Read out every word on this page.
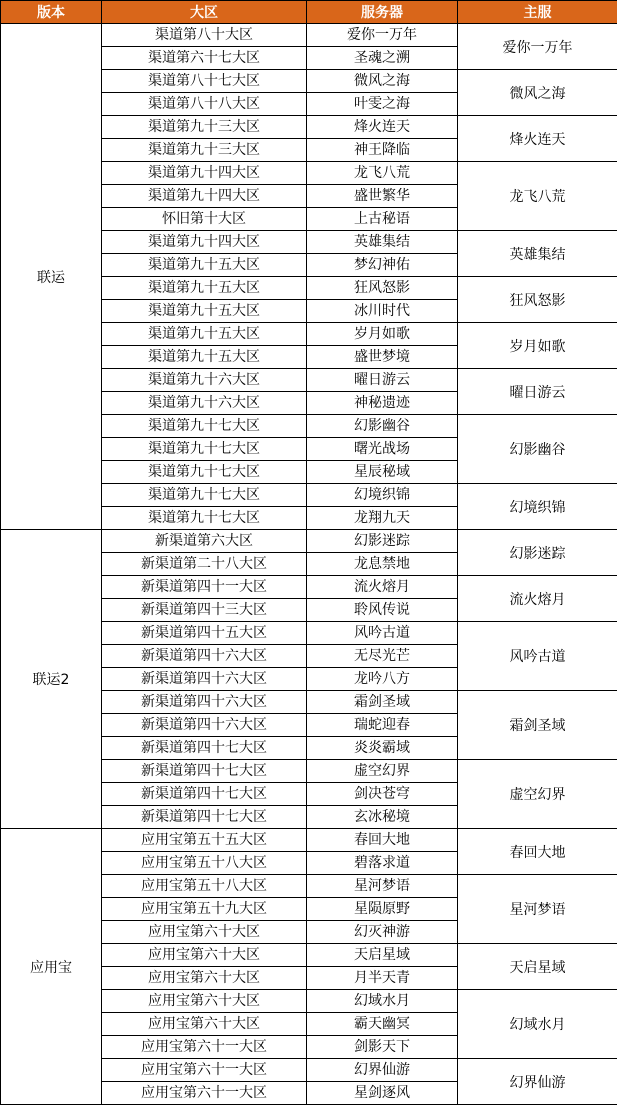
版本	大区	服务器	主服
联运	渠道第八十大区	爱你一万年	爱你一万年
	渠道第六十七大区	圣魂之溯	
	渠道第八十七大区	微风之海	微风之海
	渠道第八十八大区	叶雯之海	
	渠道第九十三大区	烽火连天	烽火连天
	渠道第九十三大区	神王降临	
	渠道第九十四大区	龙飞八荒	龙飞八荒
	渠道第九十四大区	盛世繁华	
	怀旧第十大区	上古秘语	
	渠道第九十四大区	英雄集结	英雄集结
	渠道第九十五大区	梦幻神佑	
	渠道第九十五大区	狂风怒影	狂风怒影
	渠道第九十五大区	冰川时代	
	渠道第九十五大区	岁月如歌	岁月如歌
	渠道第九十五大区	盛世梦境	
	渠道第九十六大区	曜日游云	曜日游云
	渠道第九十六大区	神秘遗迹	
	渠道第九十七大区	幻影幽谷	幻影幽谷
	渠道第九十七大区	曙光战场	
	渠道第九十七大区	星辰秘域	
	渠道第九十七大区	幻境织锦	幻境织锦
	渠道第九十七大区	龙翔九天	
联运2	新渠道第六大区	幻影迷踪	幻影迷踪
	新渠道第二十八大区	龙息禁地	
	新渠道第四十一大区	流火熔月	流火熔月
	新渠道第四十三大区	聆风传说	
	新渠道第四十五大区	风吟古道	风吟古道
	新渠道第四十六大区	无尽光芒	
	新渠道第四十六大区	龙吟八方	
	新渠道第四十六大区	霜剑圣域	霜剑圣域
	新渠道第四十六大区	瑞蛇迎春	
	新渠道第四十七大区	炎炎霸域	
	新渠道第四十七大区	虚空幻界	虚空幻界
	新渠道第四十七大区	剑决苍穹	
	新渠道第四十七大区	玄冰秘境	
应用宝	应用宝第五十五大区	春回大地	春回大地
	应用宝第五十八大区	碧落求道	
	应用宝第五十八大区	星河梦语	星河梦语
	应用宝第五十九大区	星陨原野	
	应用宝第六十大区	幻灭神游	
	应用宝第六十大区	天启星域	天启星域
	应用宝第六十大区	月半天青	
	应用宝第六十大区	幻域水月	幻域水月
	应用宝第六十大区	霸天幽冥	
	应用宝第六十一大区	剑影天下	
	应用宝第六十一大区	幻界仙游	幻界仙游
	应用宝第六十一大区	星剑逐风	
